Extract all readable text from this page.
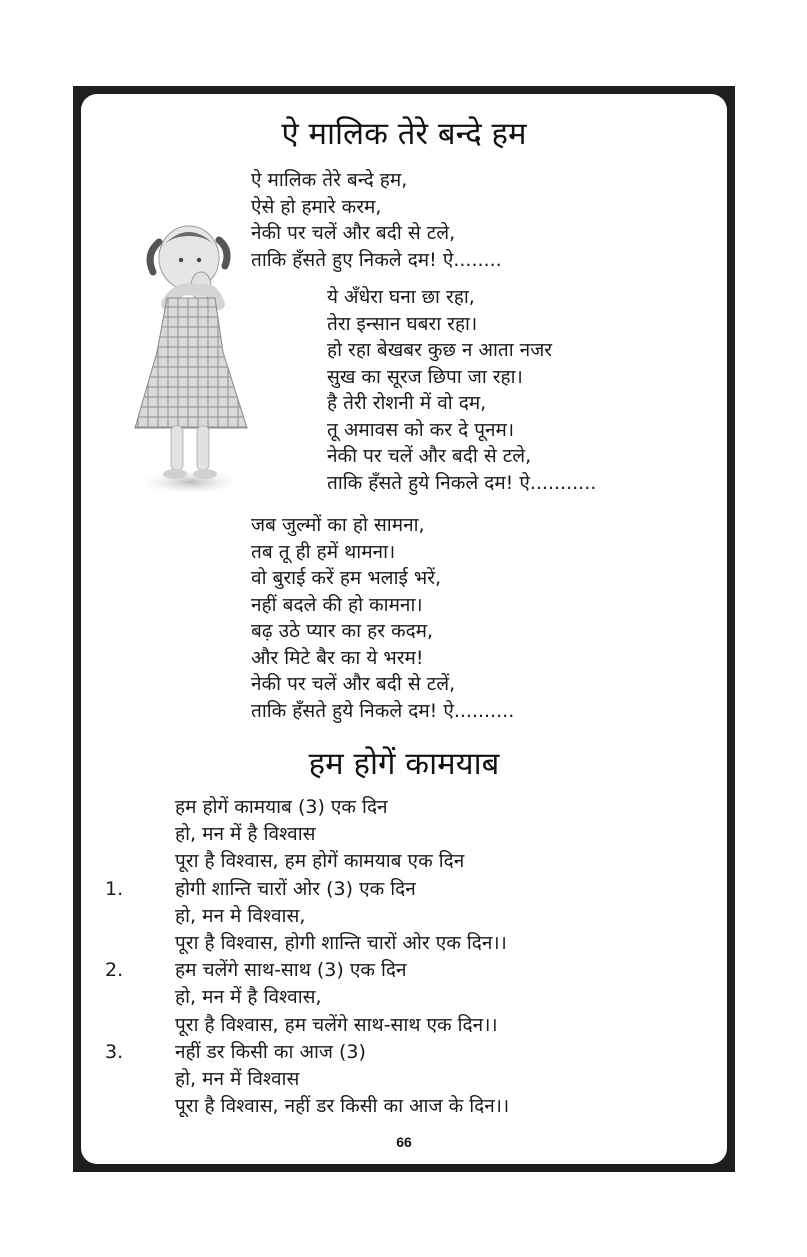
ऐ मालिक तेरे बन्दे हम
ऐ मालिक तेरे बन्दे हम,
ऐसे हो हमारे करम,
नेकी पर चलें और बदी से टले,
ताकि हँसते हुए निकले दम! ऐ........
ये अँधेरा घना छा रहा,
तेरा इन्सान घबरा रहा।
हो रहा बेखबर कुछ न आता नजर
सुख का सूरज छिपा जा रहा।
है तेरी रोशनी में वो दम,
तू अमावस को कर दे पूनम।
नेकी पर चलें और बदी से टले,
ताकि हँसते हुये निकले दम! ऐ...........
जब जुल्मों का हो सामना,
तब तू ही हमें थामना।
वो बुराई करें हम भलाई भरें,
नहीं बदले की हो कामना।
बढ़ उठे प्यार का हर कदम,
और मिटे बैर का ये भरम!
नेकी पर चलें और बदी से टलें,
ताकि हँसते हुये निकले दम! ऐ..........
हम होगें कामयाब
हम होगें कामयाब (3) एक दिन
हो, मन में है विश्वास
पूरा है विश्वास, हम होगें कामयाब एक दिन
1.	होगी शान्ति चारों ओर (3) एक दिन
हो, मन मे विश्वास,
पूरा है विश्वास, होगी शान्ति चारों ओर एक दिन।।
2.	हम चलेंगे साथ-साथ (3) एक दिन
हो, मन में है विश्वास,
पूरा है विश्वास, हम चलेंगे साथ-साथ एक दिन।।
3.	नहीं डर किसी का आज (3)
हो, मन में विश्वास
पूरा है विश्वास, नहीं डर किसी का आज के दिन।।
66
